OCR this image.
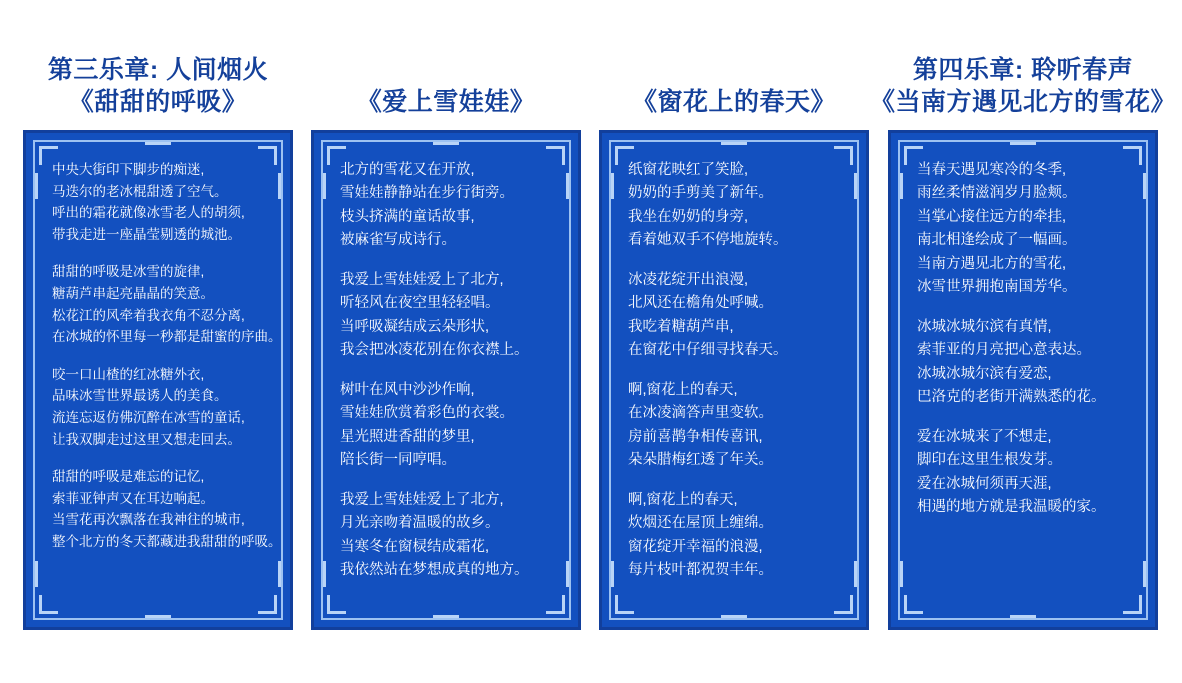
第三乐章: 人间烟火
《甜甜的呼吸》
中央大街印下脚步的痴迷,
马迭尔的老冰棍甜透了空气。
呼出的霜花就像冰雪老人的胡须,
带我走进一座晶莹剔透的城池。
甜甜的呼吸是冰雪的旋律,
糖葫芦串起亮晶晶的笑意。
松花江的风牵着我衣角不忍分离,
在冰城的怀里每一秒都是甜蜜的序曲。
咬一口山楂的红冰糖外衣,
品味冰雪世界最诱人的美食。
流连忘返仿佛沉醉在冰雪的童话,
让我双脚走过这里又想走回去。
甜甜的呼吸是难忘的记忆,
索菲亚钟声又在耳边响起。
当雪花再次飘落在我神往的城市,
整个北方的冬天都藏进我甜甜的呼吸。
《爱上雪娃娃》
北方的雪花又在开放,
雪娃娃静静站在步行街旁。
枝头挤满的童话故事,
被麻雀写成诗行。
我爱上雪娃娃爱上了北方,
听轻风在夜空里轻轻唱。
当呼吸凝结成云朵形状,
我会把冰凌花别在你衣襟上。
树叶在风中沙沙作响,
雪娃娃欣赏着彩色的衣裳。
星光照进香甜的梦里,
陪长街一同哼唱。
我爱上雪娃娃爱上了北方,
月光亲吻着温暖的故乡。
当寒冬在窗棂结成霜花,
我依然站在梦想成真的地方。
《窗花上的春天》
纸窗花映红了笑脸,
奶奶的手剪美了新年。
我坐在奶奶的身旁,
看着她双手不停地旋转。
冰凌花绽开出浪漫,
北风还在檐角处呼喊。
我吃着糖葫芦串,
在窗花中仔细寻找春天。
啊,窗花上的春天,
在冰凌滴答声里变软。
房前喜鹊争相传喜讯,
朵朵腊梅红透了年关。
啊,窗花上的春天,
炊烟还在屋顶上缠绵。
窗花绽开幸福的浪漫,
每片枝叶都祝贺丰年。
第四乐章: 聆听春声
《当南方遇见北方的雪花》
当春天遇见寒冷的冬季,
雨丝柔情滋润岁月脸颊。
当掌心接住远方的牵挂,
南北相逢绘成了一幅画。
当南方遇见北方的雪花,
冰雪世界拥抱南国芳华。
冰城冰城尔滨有真情,
索菲亚的月亮把心意表达。
冰城冰城尔滨有爱恋,
巴洛克的老街开满熟悉的花。
爱在冰城来了不想走,
脚印在这里生根发芽。
爱在冰城何须再天涯,
相遇的地方就是我温暖的家。
